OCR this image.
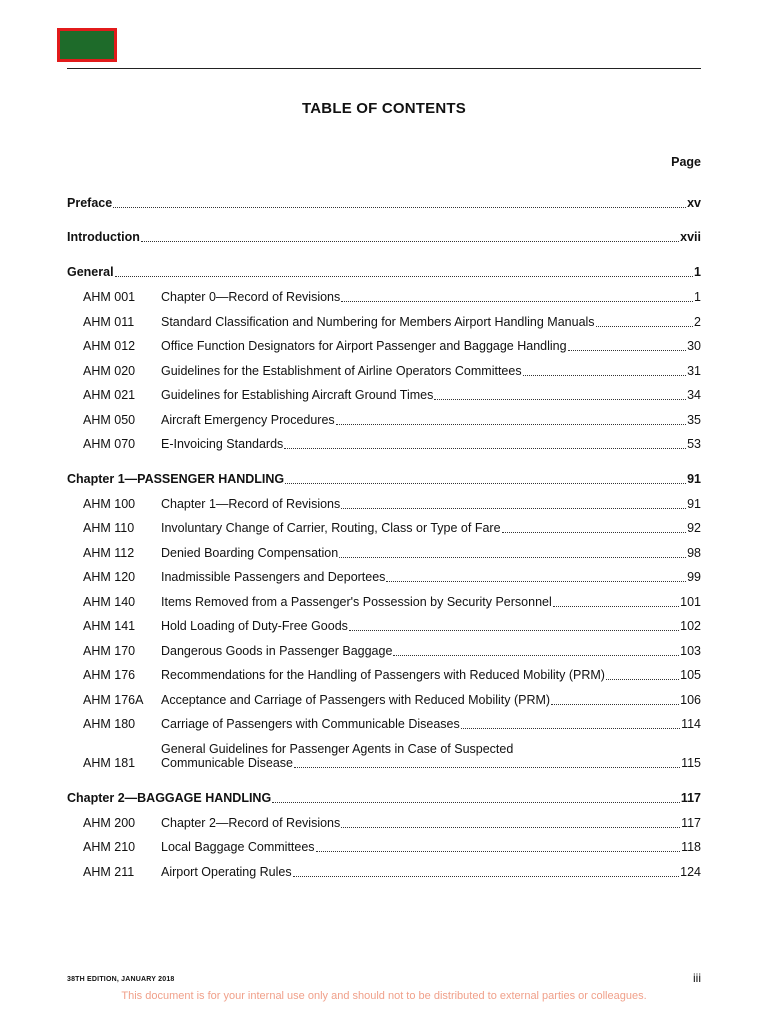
TABLE OF CONTENTS
Page
Preface	xv
Introduction	xvii
General	1
AHM 001	Chapter 0—Record of Revisions	1
AHM 011	Standard Classification and Numbering for Members Airport Handling Manuals	2
AHM 012	Office Function Designators for Airport Passenger and Baggage Handling	30
AHM 020	Guidelines for the Establishment of Airline Operators Committees	31
AHM 021	Guidelines for Establishing Aircraft Ground Times	34
AHM 050	Aircraft Emergency Procedures	35
AHM 070	E-Invoicing Standards	53
Chapter 1—PASSENGER HANDLING	91
AHM 100	Chapter 1—Record of Revisions	91
AHM 110	Involuntary Change of Carrier, Routing, Class or Type of Fare	92
AHM 112	Denied Boarding Compensation	98
AHM 120	Inadmissible Passengers and Deportees	99
AHM 140	Items Removed from a Passenger's Possession by Security Personnel	101
AHM 141	Hold Loading of Duty-Free Goods	102
AHM 170	Dangerous Goods in Passenger Baggage	103
AHM 176	Recommendations for the Handling of Passengers with Reduced Mobility (PRM)	105
AHM 176A	Acceptance and Carriage of Passengers with Reduced Mobility (PRM)	106
AHM 180	Carriage of Passengers with Communicable Diseases	114
AHM 181
General Guidelines for Passenger Agents in Case of Suspected
Communicable Disease	115
Chapter 2—BAGGAGE HANDLING	117
AHM 200	Chapter 2—Record of Revisions	117
AHM 210	Local Baggage Committees	118
AHM 211	Airport Operating Rules	124
38TH EDITION, JANUARY 2018	iii
This document is for your internal use only and should not to be distributed to external parties or colleagues.
